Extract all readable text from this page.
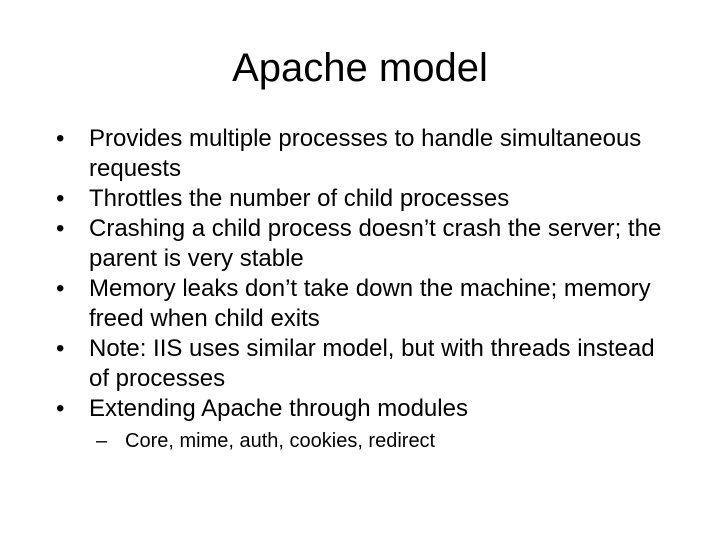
Apache model
•	Provides multiple processes to handle simultaneous requests
•	Throttles the number of child processes
•	Crashing a child process doesn’t crash the server; the parent is very stable
•	Memory leaks don’t take down the machine; memory freed when child exits
•	Note: IIS uses similar model, but with threads instead of processes
•	Extending Apache through modules
– Core, mime, auth, cookies, redirect
